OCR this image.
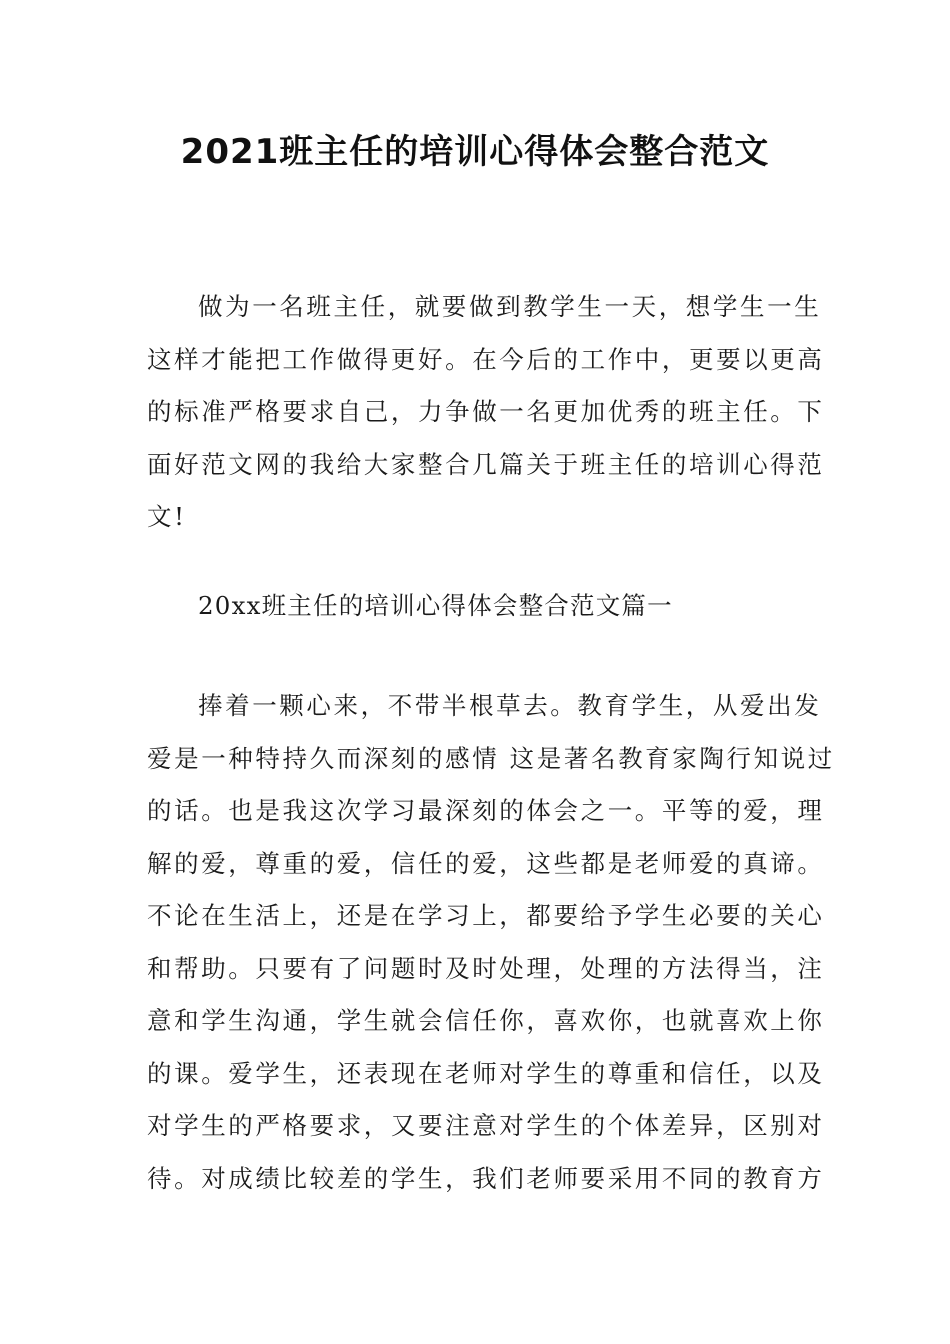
2021班主任的培训心得体会整合范文
做为一名班主任，就要做到教学生一天，想学生一生
这样才能把工作做得更好。在今后的工作中，更要以更高
的标准严格要求自己，力争做一名更加优秀的班主任。下
面好范文网的我给大家整合几篇关于班主任的培训心得范
文!
20xx班主任的培训心得体会整合范文篇一
捧着一颗心来，不带半根草去。教育学生，从爱出发
爱是一种特持久而深刻的感情 这是著名教育家陶行知说过
的话。也是我这次学习最深刻的体会之一。平等的爱，理
解的爱，尊重的爱，信任的爱，这些都是老师爱的真谛。
不论在生活上，还是在学习上，都要给予学生必要的关心
和帮助。只要有了问题时及时处理，处理的方法得当，注
意和学生沟通，学生就会信任你，喜欢你，也就喜欢上你
的课。爱学生，还表现在老师对学生的尊重和信任，以及
对学生的严格要求，又要注意对学生的个体差异，区别对
待。对成绩比较差的学生，我们老师要采用不同的教育方
